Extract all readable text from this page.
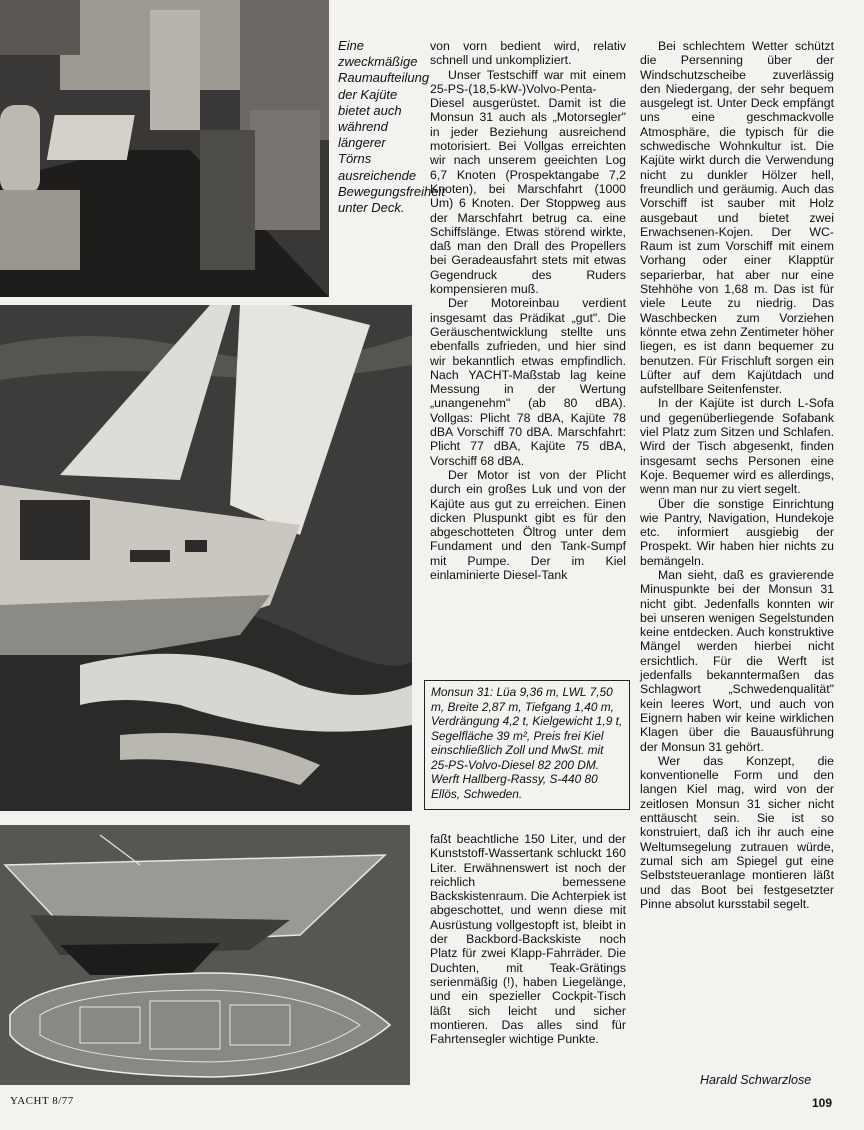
Eine zweckmäßige Raumaufteilung der Kajüte bietet auch während längerer Törns ausreichende Bewegungsfreiheit unter Deck.

von vorn bedient wird, relativ schnell und unkompliziert.

Unser Testschiff war mit einem 25-PS-(18,5-kW-)Volvo-Penta-Diesel ausgerüstet. Damit ist die Monsun 31 auch als „Motorsegler" in jeder Beziehung ausreichend motorisiert. Bei Vollgas erreichten wir nach unserem geeichten Log 6,7 Knoten (Prospektangabe 7,2 Knoten), bei Marschfahrt (1000 Um) 6 Knoten. Der Stoppweg aus der Marschfahrt betrug ca. eine Schiffslänge. Etwas störend wirkte, daß man den Drall des Propellers bei Geradeausfahrt stets mit etwas Gegendruck des Ruders kompensieren muß.

Der Motoreinbau verdient insgesamt das Prädikat „gut". Die Geräuschentwicklung stellte uns ebenfalls zufrieden, und hier sind wir bekanntlich etwas empfindlich. Nach YACHT-Maßstab lag keine Messung in der Wertung „unangenehm" (ab 80 dBA). Vollgas: Plicht 78 dBA, Kajüte 78 dBA Vorschiff 70 dBA. Marschfahrt: Plicht 77 dBA, Kajüte 75 dBA, Vorschiff 68 dBA.

Der Motor ist von der Plicht durch ein großes Luk und von der Kajüte aus gut zu erreichen. Einen dicken Pluspunkt gibt es für den abgeschotteten Öltrog unter dem Fundament und den Tank-Sumpf mit Pumpe. Der im Kiel einlaminierte Diesel-Tank

Monsun 31: Lüa 9,36 m, LWL 7,50 m, Breite 2,87 m, Tiefgang 1,40 m, Verdrängung 4,2 t, Kielgewicht 1,9 t, Segelfläche 39 m², Preis frei Kiel einschließlich Zoll und MwSt. mit 25-PS-Volvo-Diesel 82 200 DM. Werft Hallberg-Rassy, S-440 80 Ellös, Schweden.

faßt beachtliche 150 Liter, und der Kunststoff-Wassertank schluckt 160 Liter. Erwähnenswert ist noch der reichlich bemessene Backskistenraum. Die Achterpiek ist abgeschottet, und wenn diese mit Ausrüstung vollgestopft ist, bleibt in der Backbord-Backskiste noch Platz für zwei Klapp-Fahrräder. Die Duchten, mit Teak-Grätings serienmäßig (!), haben Liegelänge, und ein spezieller Cockpit-Tisch läßt sich leicht und sicher montieren. Das alles sind für Fahrtensegler wichtige Punkte.

Bei schlechtem Wetter schützt die Persenning über der Windschutzscheibe zuverlässig den Niedergang, der sehr bequem ausgelegt ist. Unter Deck empfängt uns eine geschmackvolle Atmosphäre, die typisch für die schwedische Wohnkultur ist. Die Kajüte wirkt durch die Verwendung nicht zu dunkler Hölzer hell, freundlich und geräumig. Auch das Vorschiff ist sauber mit Holz ausgebaut und bietet zwei Erwachsenen-Kojen. Der WC-Raum ist zum Vorschiff mit einem Vorhang oder einer Klapptür separierbar, hat aber nur eine Stehhöhe von 1,68 m. Das ist für viele Leute zu niedrig. Das Waschbecken zum Vorziehen könnte etwa zehn Zentimeter höher liegen, es ist dann bequemer zu benutzen. Für Frischluft sorgen ein Lüfter auf dem Kajütdach und aufstellbare Seitenfenster.

In der Kajüte ist durch L-Sofa und gegenüberliegende Sofabank viel Platz zum Sitzen und Schlafen. Wird der Tisch abgesenkt, finden insgesamt sechs Personen eine Koje. Bequemer wird es allerdings, wenn man nur zu viert segelt.

Über die sonstige Einrichtung wie Pantry, Navigation, Hundekoje etc. informiert ausgiebig der Prospekt. Wir haben hier nichts zu bemängeln.

Man sieht, daß es gravierende Minuspunkte bei der Monsun 31 nicht gibt. Jedenfalls konnten wir bei unseren wenigen Segelstunden keine entdecken. Auch konstruktive Mängel werden hierbei nicht ersichtlich. Für die Werft ist jedenfalls bekanntermaßen das Schlagwort „Schwedenqualität" kein leeres Wort, und auch von Eignern haben wir keine wirklichen Klagen über die Bauausführung der Monsun 31 gehört.

Wer das Konzept, die konventionelle Form und den langen Kiel mag, wird von der zeitlosen Monsun 31 sicher nicht enttäuscht sein. Sie ist so konstruiert, daß ich ihr auch eine Weltumsegelung zutrauen würde, zumal sich am Spiegel gut eine Selbststeueranlage montieren läßt und das Boot bei festgesetzter Pinne absolut kursstabil segelt.

Harald Schwarzlose
YACHT 8/77	109
